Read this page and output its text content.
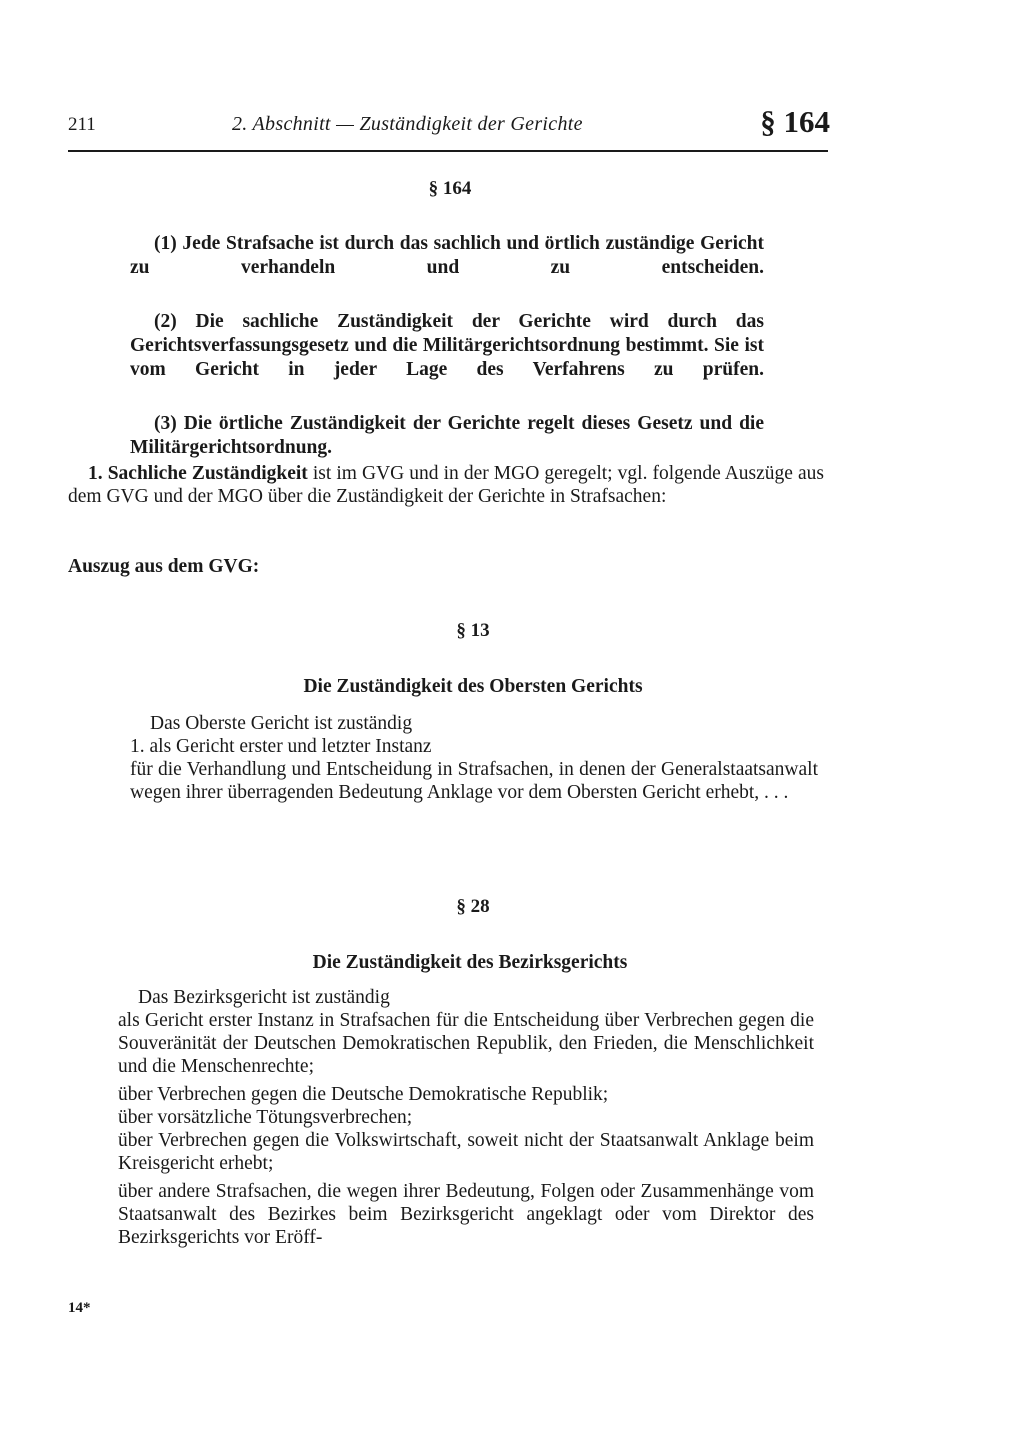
211	2. Abschnitt — Zuständigkeit der Gerichte	§ 164
§ 164

(1) Jede Strafsache ist durch das sachlich und örtlich zuständige Gericht zu verhandeln und zu entscheiden.

(2) Die sachliche Zuständigkeit der Gerichte wird durch das Gerichtsverfassungsgesetz und die Militärgerichtsordnung bestimmt. Sie ist vom Gericht in jeder Lage des Verfahrens zu prüfen.

(3) Die örtliche Zuständigkeit der Gerichte regelt dieses Gesetz und die Militärgerichtsordnung.

1. Sachliche Zuständigkeit ist im GVG und in der MGO geregelt; vgl. folgende Auszüge aus dem GVG und der MGO über die Zuständigkeit der Gerichte in Strafsachen:

Auszug aus dem GVG:
§ 13
Die Zuständigkeit des Obersten Gerichts

Das Oberste Gericht ist zuständig

1. als Gericht erster und letzter Instanz

für die Verhandlung und Entscheidung in Strafsachen, in denen der Generalstaatsanwalt wegen ihrer überragenden Bedeutung Anklage vor dem Obersten Gericht erhebt, . . .

§ 28
Die Zuständigkeit des Bezirksgerichts

Das Bezirksgericht ist zuständig

als Gericht erster Instanz in Strafsachen für die Entscheidung über Verbrechen gegen die Souveränität der Deutschen Demokratischen Republik, den Frieden, die Menschlichkeit und die Menschenrechte;

über Verbrechen gegen die Deutsche Demokratische Republik;

über vorsätzliche Tötungsverbrechen;

über Verbrechen gegen die Volkswirtschaft, soweit nicht der Staatsanwalt Anklage beim Kreisgericht erhebt;

über andere Strafsachen, die wegen ihrer Bedeutung, Folgen oder Zusammenhänge vom Staatsanwalt des Bezirkes beim Bezirksgericht angeklagt oder vom Direktor des Bezirksgerichts vor Eröff-

14*
